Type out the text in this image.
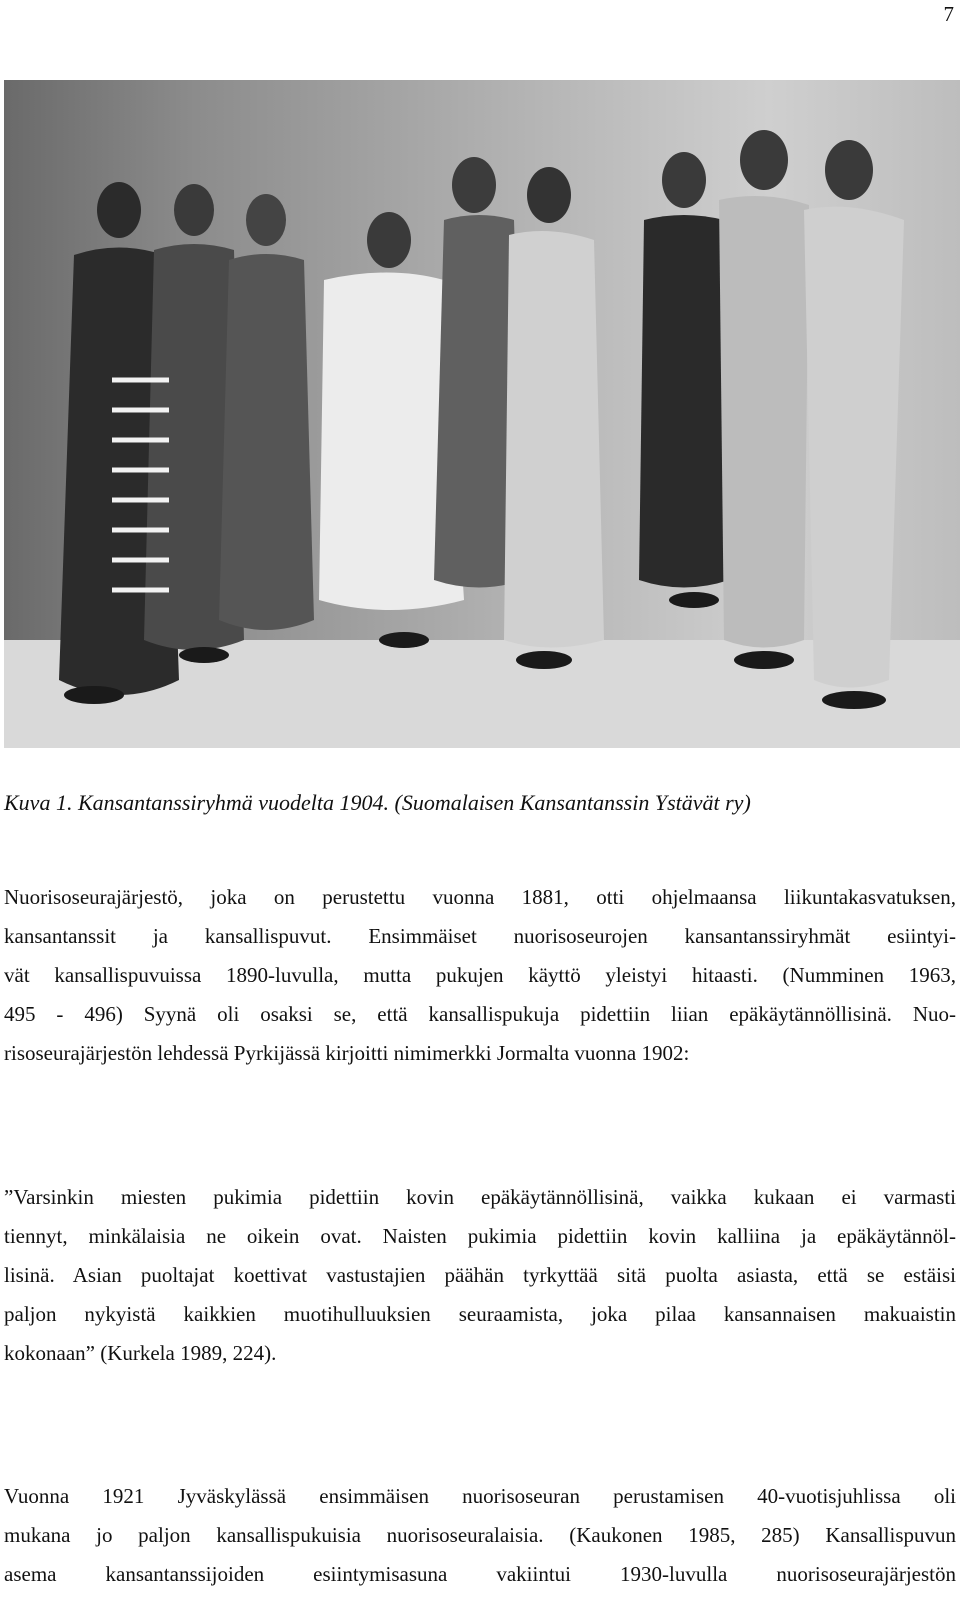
7

Kuva 1. Kansantanssiryhmä vuodelta 1904. (Suomalaisen Kansantanssin Ystävät ry)

Nuorisoseurajärjestö, joka on perustettu vuonna 1881, otti ohjelmaansa liikuntakasvatuksen,
kansantanssit ja kansallispuvut. Ensimmäiset nuorisoseurojen kansantanssiryhmät esiintyi-
vät kansallispuvuissa 1890-luvulla, mutta pukujen käyttö yleistyi hitaasti. (Numminen 1963,
495 - 496) Syynä oli osaksi se, että kansallispukuja pidettiin liian epäkäytännöllisinä. Nuo-
risoseurajärjestön lehdessä Pyrkijässä kirjoitti nimimerkki Jormalta vuonna 1902:
”Varsinkin miesten pukimia pidettiin kovin epäkäytännöllisinä, vaikka kukaan ei varmasti
tiennyt, minkälaisia ne oikein ovat. Naisten pukimia pidettiin kovin kalliina ja epäkäytännöl-
lisinä. Asian puoltajat koettivat vastustajien päähän tyrkyttää sitä puolta asiasta, että se estäisi
paljon nykyistä kaikkien muotihulluuksien seuraamista, joka pilaa kansannaisen makuaistin
kokonaan” (Kurkela 1989, 224).
Vuonna 1921 Jyväskylässä ensimmäisen nuorisoseuran perustamisen 40-vuotisjuhlissa oli
mukana jo paljon kansallispukuisia nuorisoseuralaisia. (Kaukonen 1985, 285) Kansallispuvun
asema kansantanssijoiden esiintymisasuna vakiintui 1930-luvulla nuorisoseurajärjestön
